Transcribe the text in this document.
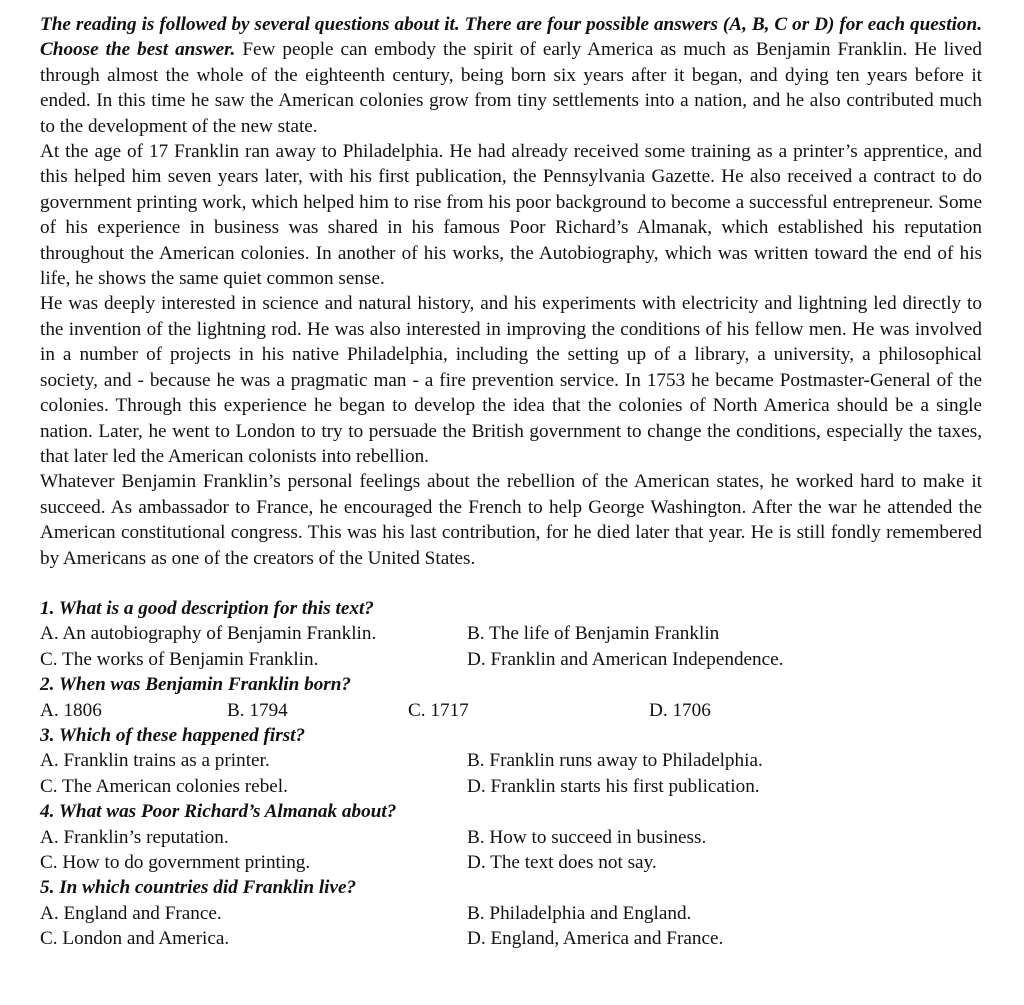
The reading is followed by several questions about it. There are four possible answers (A, B, C or D) for each question. Choose the best answer. Few people can embody the spirit of early America as much as Benjamin Franklin. He lived through almost the whole of the eighteenth century, being born six years after it began, and dying ten years before it ended. In this time he saw the American colonies grow from tiny settlements into a nation, and he also contributed much to the development of the new state.

At the age of 17 Franklin ran away to Philadelphia. He had already received some training as a printer’s apprentice, and this helped him seven years later, with his first publication, the Pennsylvania Gazette. He also received a contract to do government printing work, which helped him to rise from his poor background to become a successful entrepreneur. Some of his experience in business was shared in his famous Poor Richard’s Almanak, which established his reputation throughout the American colonies. In another of his works, the Autobiography, which was written toward the end of his life, he shows the same quiet common sense.

He was deeply interested in science and natural history, and his experiments with electricity and lightning led directly to the invention of the lightning rod. He was also interested in improving the conditions of his fellow men. He was involved in a number of projects in his native Philadelphia, including the setting up of a library, a university, a philosophical society, and - because he was a pragmatic man - a fire prevention service. In 1753 he became Postmaster-General of the colonies. Through this experience he began to develop the idea that the colonies of North America should be a single nation. Later, he went to London to try to persuade the British government to change the conditions, especially the taxes, that later led the American colonists into rebellion.

Whatever Benjamin Franklin’s personal feelings about the rebellion of the American states, he worked hard to make it succeed. As ambassador to France, he encouraged the French to help George Washington. After the war he attended the American constitutional congress. This was his last contribution, for he died later that year. He is still fondly remembered by Americans as one of the creators of the United States.

1. What is a good description for this text?
A. An autobiography of Benjamin Franklin.	B. The life of Benjamin Franklin
C. The works of Benjamin Franklin.	D. Franklin and American Independence.
2. When was Benjamin Franklin born?
A. 1806	B. 1794	C. 1717	D. 1706
3. Which of these happened first?
A. Franklin trains as a printer.	B. Franklin runs away to Philadelphia.
C. The American colonies rebel.	D. Franklin starts his first publication.
4. What was Poor Richard’s Almanak about?
A. Franklin’s reputation.	B. How to succeed in business.
C. How to do government printing.	D. The text does not say.
5. In which countries did Franklin live?
A. England and France.	B. Philadelphia and England.
C. London and America.	D. England, America and France.
